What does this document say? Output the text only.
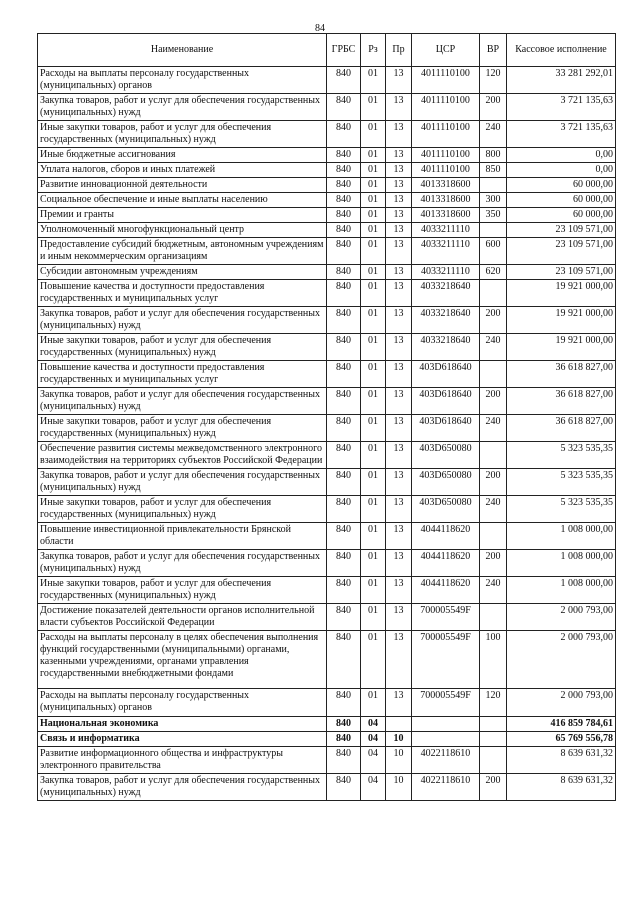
84
Наименование	ГРБС	Рз	Пр	ЦСР	ВР	Кассовое исполнение
Расходы на выплаты персоналу государственных (муниципальных) органов	840	01	13	4011110100	120	33 281 292,01
Закупка товаров, работ и услуг для обеспечения государственных (муниципальных) нужд	840	01	13	4011110100	200	3 721 135,63
Иные закупки товаров, работ и услуг для обеспечения государственных (муниципальных) нужд	840	01	13	4011110100	240	3 721 135,63
Иные бюджетные ассигнования	840	01	13	4011110100	800	0,00
Уплата налогов, сборов и иных платежей	840	01	13	4011110100	850	0,00
Развитие инновационной деятельности	840	01	13	4013318600		60 000,00
Социальное обеспечение и иные выплаты населению	840	01	13	4013318600	300	60 000,00
Премии и гранты	840	01	13	4013318600	350	60 000,00
Уполномоченный многофункциональный центр	840	01	13	4033211110		23 109 571,00
Предоставление субсидий бюджетным, автономным учреждениям и иным некоммерческим организациям	840	01	13	4033211110	600	23 109 571,00
Субсидии автономным учреждениям	840	01	13	4033211110	620	23 109 571,00
Повышение качества и доступности предоставления государственных и муниципальных услуг	840	01	13	4033218640		19 921 000,00
Закупка товаров, работ и услуг для обеспечения государственных (муниципальных) нужд	840	01	13	4033218640	200	19 921 000,00
Иные закупки товаров, работ и услуг для обеспечения государственных (муниципальных) нужд	840	01	13	4033218640	240	19 921 000,00
Повышение качества и доступности предоставления государственных и муниципальных услуг	840	01	13	403D618640		36 618 827,00
Закупка товаров, работ и услуг для обеспечения государственных (муниципальных) нужд	840	01	13	403D618640	200	36 618 827,00
Иные закупки товаров, работ и услуг для обеспечения государственных (муниципальных) нужд	840	01	13	403D618640	240	36 618 827,00
Обеспечение развития системы межведомственного электронного взаимодействия на территориях субъектов Российской Федерации	840	01	13	403D650080		5 323 535,35
Закупка товаров, работ и услуг для обеспечения государственных (муниципальных) нужд	840	01	13	403D650080	200	5 323 535,35
Иные закупки товаров, работ и услуг для обеспечения государственных (муниципальных) нужд	840	01	13	403D650080	240	5 323 535,35
Повышение инвестиционной привлекательности Брянской области	840	01	13	4044118620		1 008 000,00
Закупка товаров, работ и услуг для обеспечения государственных (муниципальных) нужд	840	01	13	4044118620	200	1 008 000,00
Иные закупки товаров, работ и услуг для обеспечения государственных (муниципальных) нужд	840	01	13	4044118620	240	1 008 000,00
Достижение показателей деятельности органов исполнительной власти субъектов Российской Федерации	840	01	13	700005549F		2 000 793,00
Расходы на выплаты персоналу в целях обеспечения выполнения функций государственными (муниципальными) органами, казенными учреждениями, органами управления государственными внебюджетными фондами	840	01	13	700005549F	100	2 000 793,00
Расходы на выплаты персоналу государственных (муниципальных) органов	840	01	13	700005549F	120	2 000 793,00
Национальная экономика	840	04				416 859 784,61
Связь и информатика	840	04	10			65 769 556,78
Развитие информационного общества и инфраструктуры электронного правительства	840	04	10	4022118610		8 639 631,32
Закупка товаров, работ и услуг для обеспечения государственных (муниципальных) нужд	840	04	10	4022118610	200	8 639 631,32
